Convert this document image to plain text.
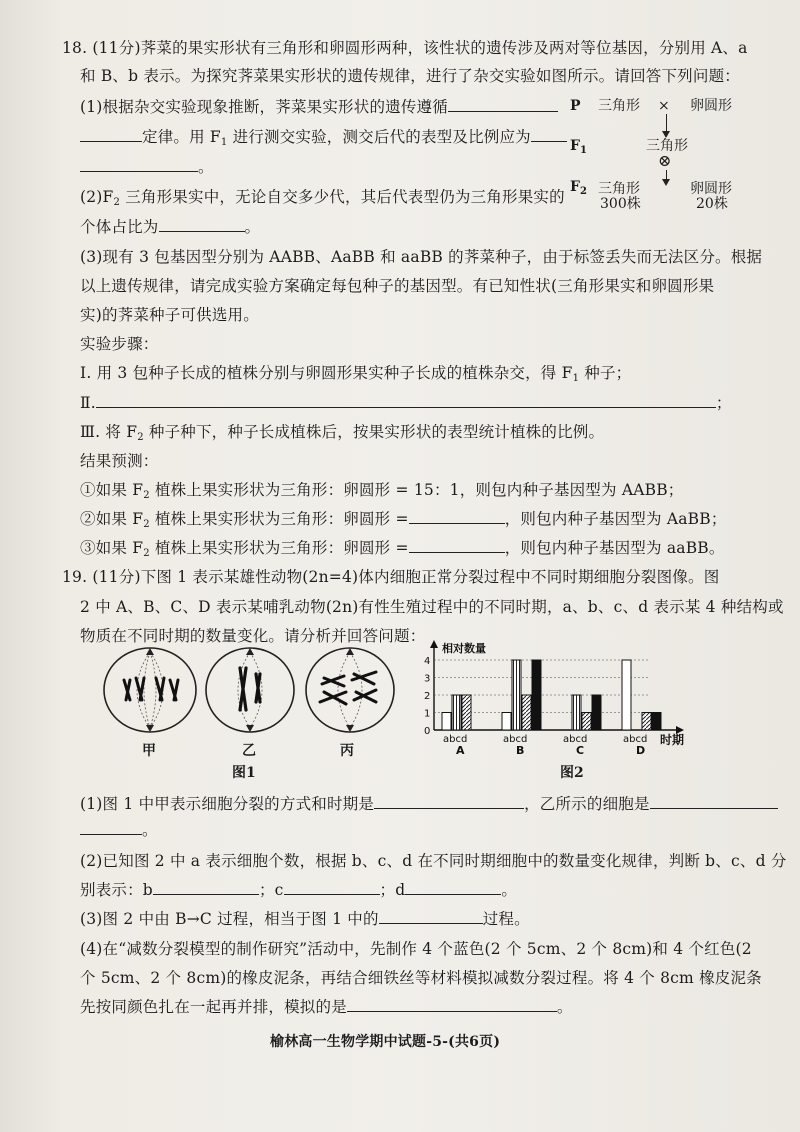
18. (11分)荠菜的果实形状有三角形和卵圆形两种，该性状的遗传涉及两对等位基因，分别用 A、a
和 B、b 表示。为探究荠菜果实形状的遗传规律，进行了杂交实验如图所示。请回答下列问题：
(1)根据杂交实验现象推断，荠菜果实形状的遗传遵循
定律。用 $F_1$ 进行测交实验，测交后代的表型及比例应为
。
P 三角形 × 卵圆形
$F_1$	三角形
⊗
$F_2$ 三角形
300株
卵圆形
20株
$(2)F_2$ 三角形果实中，无论自交多少代，其后代表型仍为三角形果实的
个体占比为	。
(3)现有 3 包基因型分别为 AABB、AaBB 和 aaBB 的荠菜种子，由于标签丢失而无法区分。根据
以上遗传规律，请完成实验方案确定每包种子的基因型。有已知性状(三角形果实和卵圆形果
实)的荠菜种子可供选用。
实验步骤：
Ⅰ. 用 3 包种子长成的植株分别与卵圆形果实种子长成的植株杂交，得 $F_1$ 种子；
Ⅱ.	；
Ⅲ. 将 $F_2$ 种子种下，种子长成植株后，按果实形状的表型统计植株的比例。
结果预测：
①如果 $F_2$ 植株上果实形状为三角形：卵圆形 = 15：1，则包内种子基因型为 AABB；
②如果 $F_2$ 植株上果实形状为三角形：卵圆形 =	，则包内种子基因型为 AaBB；
③如果 $F_2$ 植株上果实形状为三角形：卵圆形 =	，则包内种子基因型为 aaBB。
19. (11分)下图 1 表示某雄性动物(2n=4)体内细胞正常分裂过程中不同时期细胞分裂图像。图
2 中 A、B、C、D 表示某哺乳动物(2n)有性生殖过程中的不同时期，a、b、c、d 表示某 4 种结构或
物质在不同时期的数量变化。请分析并回答问题：
甲	乙	丙
图1
相对数量
时期
0
1
2
3
4
abcd
A
abcd
B
abcd
C
abcd
D
图2
(1)图 1 中甲表示细胞分裂的方式和时期是	，乙所示的细胞是
。
(2)已知图 2 中 a 表示细胞个数，根据 b、c、d 在不同时期细胞中的数量变化规律，判断 b、c、d 分
别表示：b	；c	；d	。
(3)图 2 中由 B→C 过程，相当于图 1 中的	过程。
(4)在“减数分裂模型的制作研究”活动中，先制作 4 个蓝色(2 个 5cm、2 个 8cm)和 4 个红色(2
个 5cm、2 个 8cm)的橡皮泥条，再结合细铁丝等材料模拟减数分裂过程。将 4 个 8cm 橡皮泥条
先按同颜色扎在一起再并排，模拟的是	。
榆林高一生物学期中试题-5-(共6页)
